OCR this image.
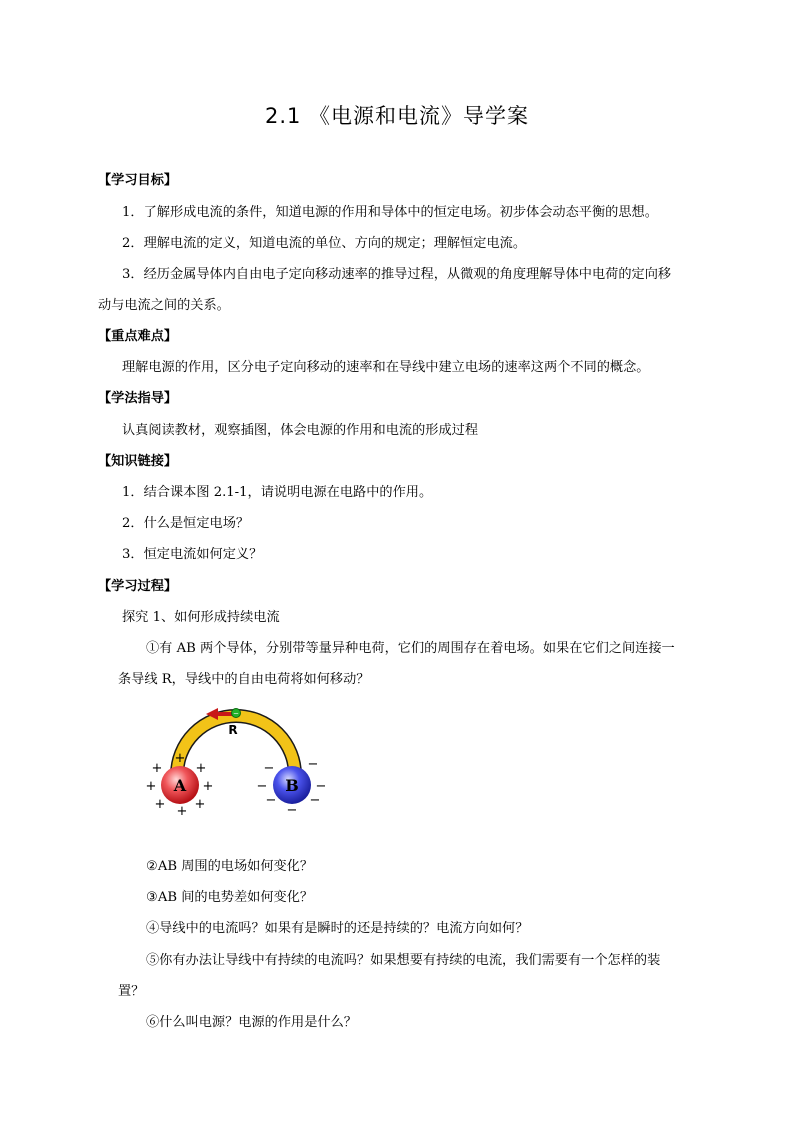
2.1 《电源和电流》导学案
【学习目标】
1．了解形成电流的条件，知道电源的作用和导体中的恒定电场。初步体会动态平衡的思想。
2．理解电流的定义，知道电流的单位、方向的规定；理解恒定电流。
3．经历金属导体内自由电子定向移动速率的推导过程，从微观的角度理解导体中电荷的定向移
动与电流之间的关系。
【重点难点】
理解电源的作用，区分电子定向移动的速率和在导线中建立电场的速率这两个不同的概念。
【学法指导】
认真阅读教材，观察插图，体会电源的作用和电流的形成过程
【知识链接】
1．结合课本图 2.1-1，请说明电源在电路中的作用。
2．什么是恒定电场？
3．恒定电流如何定义？
【学习过程】
探究 1、如何形成持续电流
①有 AB 两个导体，分别带等量异种电荷，它们的周围存在着电场。如果在它们之间连接一
条导线 R，导线中的自由电荷将如何移动？
−
R
A
+
+
+
+	+
+ +
+
B
−	−
−	−
−	−
−
②AB 周围的电场如何变化？
③AB 间的电势差如何变化？
④导线中的电流吗？如果有是瞬时的还是持续的？电流方向如何？
⑤你有办法让导线中有持续的电流吗？如果想要有持续的电流，我们需要有一个怎样的装
置？
⑥什么叫电源？电源的作用是什么？
